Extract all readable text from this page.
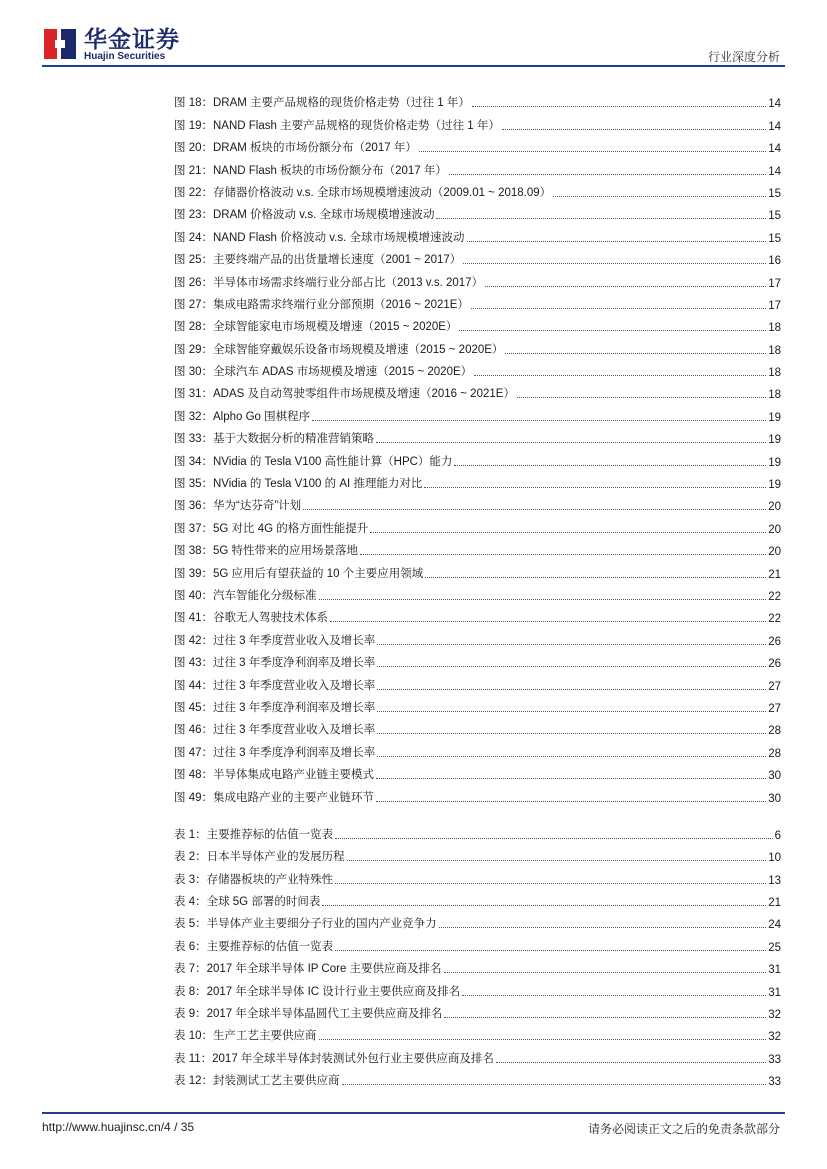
华金证券
Huajin Securities	行业深度分析
图 18：DRAM 主要产品规格的现货价格走势（过往 1 年）	14
图 19：NAND Flash 主要产品规格的现货价格走势（过往 1 年）	14
图 20：DRAM 板块的市场份额分布（2017 年）	14
图 21：NAND Flash 板块的市场份额分布（2017 年）	14
图 22：存储器价格波动 v.s. 全球市场规模增速波动（2009.01 ~ 2018.09）	15
图 23：DRAM 价格波动 v.s. 全球市场规模增速波动	15
图 24：NAND Flash 价格波动 v.s. 全球市场规模增速波动	15
图 25：主要终端产品的出货量增长速度（2001 ~ 2017）	16
图 26：半导体市场需求终端行业分部占比（2013 v.s. 2017）	17
图 27：集成电路需求终端行业分部预期（2016 ~ 2021E）	17
图 28：全球智能家电市场规模及增速（2015 ~ 2020E）	18
图 29：全球智能穿戴娱乐设备市场规模及增速（2015 ~ 2020E）	18
图 30：全球汽车 ADAS 市场规模及增速（2015 ~ 2020E）	18
图 31：ADAS 及自动驾驶零组件市场规模及增速（2016 ~ 2021E）	18
图 32：Alpho Go 围棋程序	19
图 33：基于大数据分析的精准营销策略	19
图 34：NVidia 的 Tesla V100 高性能计算（HPC）能力	19
图 35：NVidia 的 Tesla V100 的 AI 推理能力对比	19
图 36：华为“达芬奇”计划	20
图 37：5G 对比 4G 的格方面性能提升	20
图 38：5G 特性带来的应用场景落地	20
图 39：5G 应用后有望获益的 10 个主要应用领域	21
图 40：汽车智能化分级标准	22
图 41：谷歌无人驾驶技术体系	22
图 42：过往 3 年季度营业收入及增长率	26
图 43：过往 3 年季度净利润率及增长率	26
图 44：过往 3 年季度营业收入及增长率	27
图 45：过往 3 年季度净利润率及增长率	27
图 46：过往 3 年季度营业收入及增长率	28
图 47：过往 3 年季度净利润率及增长率	28
图 48：半导体集成电路产业链主要模式	30
图 49：集成电路产业的主要产业链环节	30
表 1：主要推荐标的估值一览表	6
表 2：日本半导体产业的发展历程	10
表 3：存储器板块的产业特殊性	13
表 4：全球 5G 部署的时间表	21
表 5：半导体产业主要细分子行业的国内产业竞争力	24
表 6：主要推荐标的估值一览表	25
表 7：2017 年全球半导体 IP Core 主要供应商及排名	31
表 8：2017 年全球半导体 IC 设计行业主要供应商及排名	31
表 9：2017 年全球半导体晶圆代工主要供应商及排名	32
表 10：生产工艺主要供应商	32
表 11：2017 年全球半导体封装测试外包行业主要供应商及排名	33
表 12：封装测试工艺主要供应商	33
http://www.huajinsc.cn/4 / 35	请务必阅读正文之后的免责条款部分
